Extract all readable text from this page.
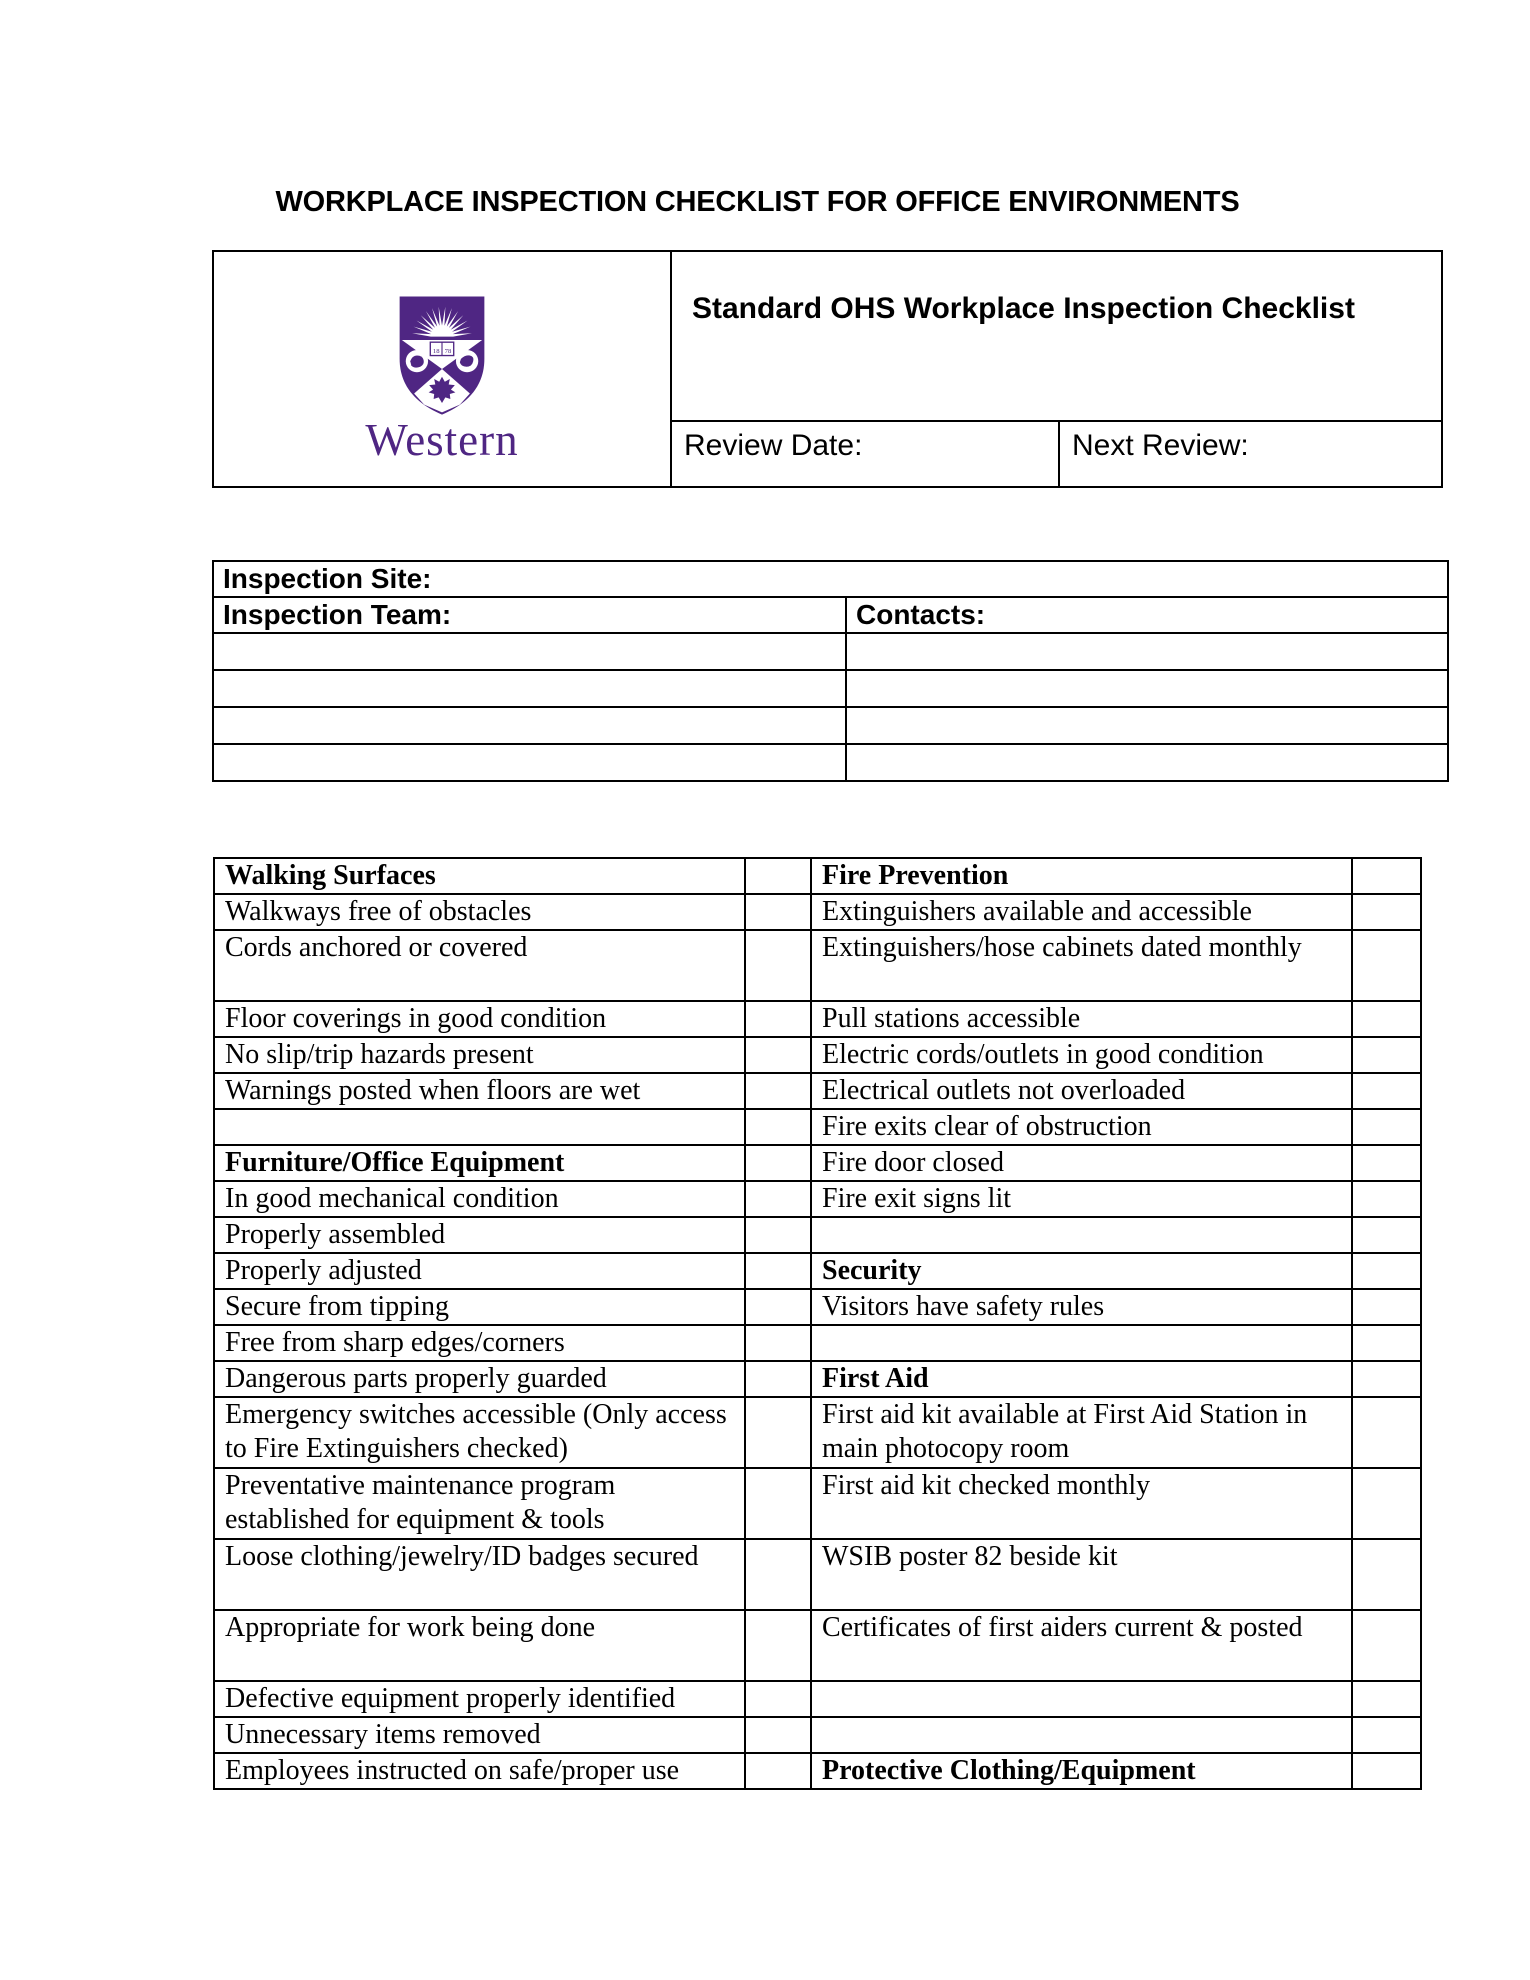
WORKPLACE INSPECTION CHECKLIST FOR OFFICE ENVIRONMENTS
18 78
Western
Standard OHS Workplace Inspection Checklist
Review Date:	Next Review:
Inspection Site:	
Inspection Team:	Contacts:

Walking Surfaces		Fire Prevention	
Walkways free of obstacles		Extinguishers available and accessible	
Cords anchored or covered		Extinguishers/hose cabinets dated monthly	
Floor coverings in good condition		Pull stations accessible	
No slip/trip hazards present		Electric cords/outlets in good condition	
Warnings posted when floors are wet		Electrical outlets not overloaded	
		Fire exits clear of obstruction	
Furniture/Office Equipment		Fire door closed	
In good mechanical condition		Fire exit signs lit	
Properly assembled			
Properly adjusted		Security	
Secure from tipping		Visitors have safety rules	
Free from sharp edges/corners			
Dangerous parts properly guarded		First Aid	
Emergency switches accessible (Only access to Fire Extinguishers checked)		First aid kit available at First Aid Station in main photocopy room	
Preventative maintenance program established for equipment & tools		First aid kit checked monthly	
Loose clothing/jewelry/ID badges secured		WSIB poster 82 beside kit	
Appropriate for work being done		Certificates of first aiders current & posted	
Defective equipment properly identified			
Unnecessary items removed			
Employees instructed on safe/proper use		Protective Clothing/Equipment	
